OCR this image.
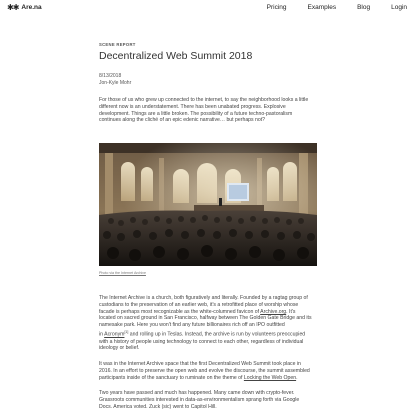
✱✱ Are.na	Pricing	Examples	Blog	Login
SCENE REPORT
Decentralized Web Summit 2018
8/13/2018
Jon-Kyle Mohr

For those of us who grew up connected to the internet, to say the neighborhood looks a little
different now is an understatement. There has been unabated progress. Explosive
development. Things are a little broken. The possibility of a future techno-pastoralism
continues along the cliché of an epic edenic narrative… but perhaps not?

Photo via the Internet Archive

The Internet Archive is a church, both figuratively and literally. Founded by a ragtag group of
custodians to the preservation of an earlier web, it's a retrofitted place of worship whose
facade is perhaps most recognizable as the white-columned favicon of Archive.org. It's
located on sacred ground in San Francisco, halfway between The Golden Gate Bridge and its
namesake park. Here you won't find any future billionaires rich off an IPO outfitted
in Acronym[1] and rolling up in Teslas. Instead, the archive is run by volunteers preoccupied
with a history of people using technology to connect to each other, regardless of individual
ideology or belief.

It was in the Internet Archive space that the first Decentralized Web Summit took place in
2016. In an effort to preserve the open web and evolve the discourse, the summit assembled
participants inside of the sanctuary to ruminate on the theme of Locking the Web Open.

Two years have passed and much has happened. Many came down with crypto-fever.
Grassroots communities interested in data-as-environmentalism sprang forth via Google
Docs. America voted. Zuck (sic) went to Capitol Hill.
